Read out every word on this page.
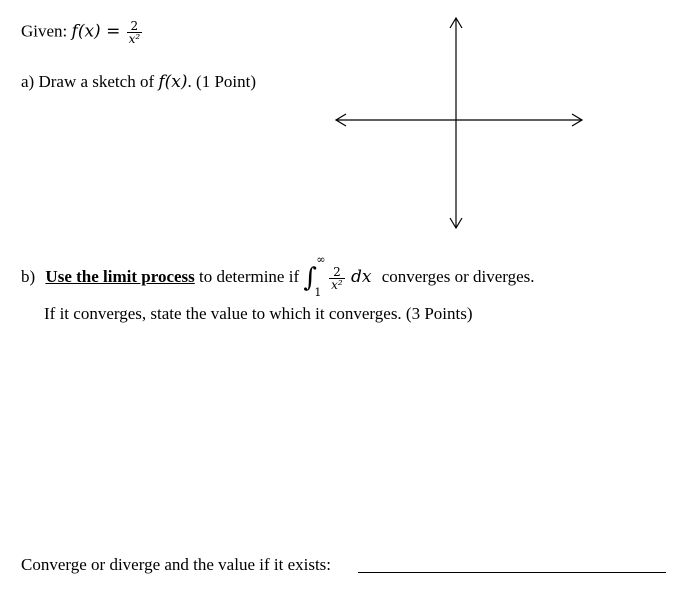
Given: $f(x) = \frac{2}{\text{x²}}$
a) Draw a sketch of f(x). (1 Point)
b) Use the limit process to determine if ∫
∞
1

$\frac{2}{\text{x²}}$ dx converges or diverges.
If it converges, state the value to which it converges. (3 Points)
Converge or diverge and the value if it exists:
